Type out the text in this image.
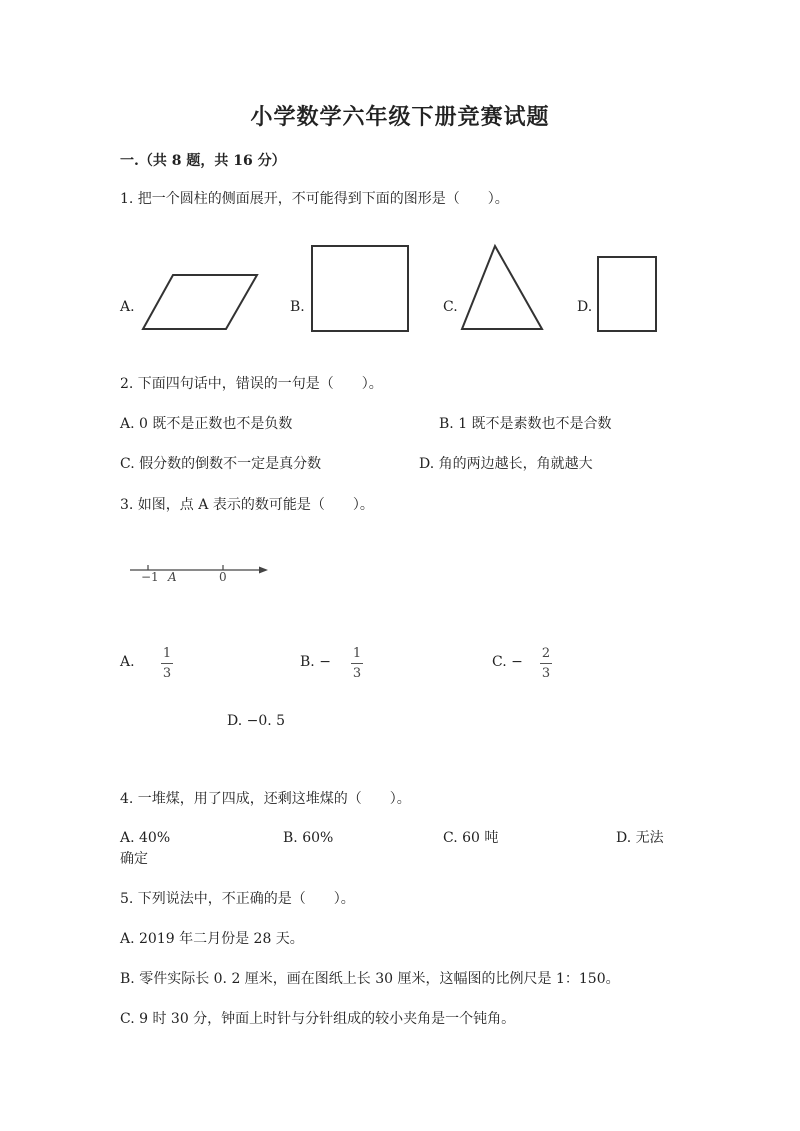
小学数学六年级下册竞赛试题
一.（共 8 题，共 16 分）
1. 把一个圆柱的侧面展开，不可能得到下面的图形是（　　）。
A.	B.	C.	D.
2. 下面四句话中，错误的一句是（　　）。
A. 0 既不是正数也不是负数	B. 1 既不是素数也不是合数
C. 假分数的倒数不一定是真分数	D. 角的两边越长，角就越大
3. 如图，点 A 表示的数可能是（　　）。
−1 A	0
A.
1
3
B. −
1
3
C. −
2
3
D. −0. 5
4. 一堆煤，用了四成，还剩这堆煤的（　　）。
A. 40%	B. 60%	C. 60 吨	D. 无法
确定
5. 下列说法中，不正确的是（　　）。
A. 2019 年二月份是 28 天。
B. 零件实际长 0. 2 厘米，画在图纸上长 30 厘米，这幅图的比例尺是 1：150。
C. 9 时 30 分，钟面上时针与分针组成的较小夹角是一个钝角。
